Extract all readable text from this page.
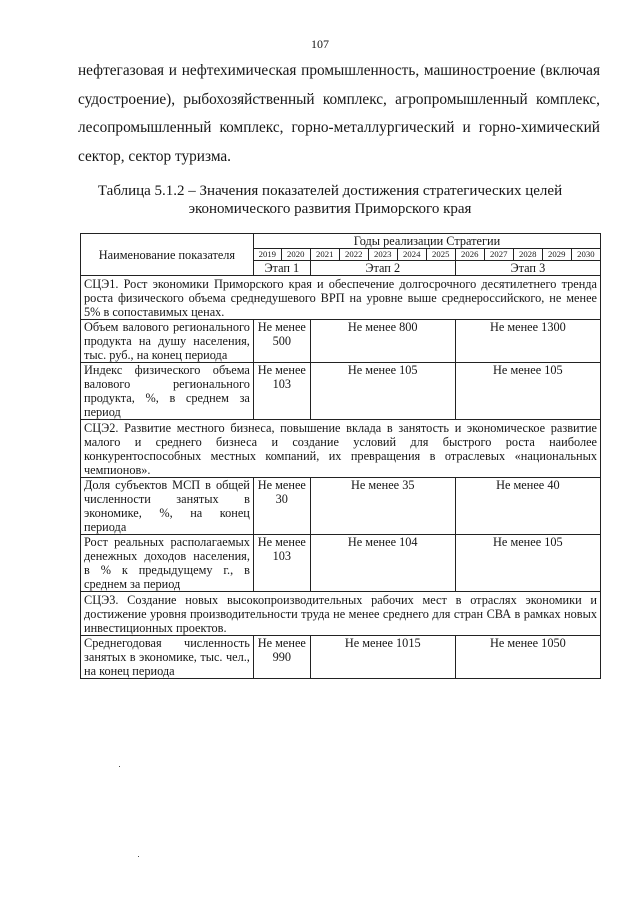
107

нефтегазовая и нефтехимическая промышленность, машиностроение (включая судостроение), рыбохозяйственный комплекс, агропромышленный комплекс, лесопромышленный комплекс, горно-металлургический и горно-химический сектор, сектор туризма.

Таблица 5.1.2 – Значения показателей достижения стратегических целей
экономического развития Приморского края
Наименование показателя	Годы реализации Стратегии											
	2019	2020	2021	2022	2023	2024	2025	2026	2027	2028	2029	2030
	Этап 1		Этап 2					Этап 3				
СЦЭ1. Рост экономики Приморского края и обеспечение долгосрочного десятилетнего тренда роста физического объема среднедушевого ВРП на уровне выше среднероссийского, не менее 5% в сопоставимых ценах.												
Объем валового регионального продукта на душу населения, тыс. руб., на конец периода	Не менее 500		Не менее 800					Не менее 1300				
Индекс физического объема валового регионального продукта, %, в среднем за период	Не менее 103		Не менее 105					Не менее 105				
СЦЭ2. Развитие местного бизнеса, повышение вклада в занятость и экономическое развитие малого и среднего бизнеса и создание условий для быстрого роста наиболее конкурентоспособных местных компаний, их превращения в отраслевых «национальных чемпионов».												
Доля субъектов МСП в общей численности занятых в экономике, %, на конец периода	Не менее 30		Не менее 35					Не менее 40				
Рост реальных располагаемых денежных доходов населения, в % к предыдущему г., в среднем за период	Не менее 103		Не менее 104					Не менее 105				
СЦЭ3. Создание новых высокопроизводительных рабочих мест в отраслях экономики и достижение уровня производительности труда не менее среднего для стран СВА в рамках новых инвестиционных проектов.												
Среднегодовая численность занятых в экономике, тыс. чел., на конец периода	Не менее 990		Не менее 1015					Не менее 1050				
